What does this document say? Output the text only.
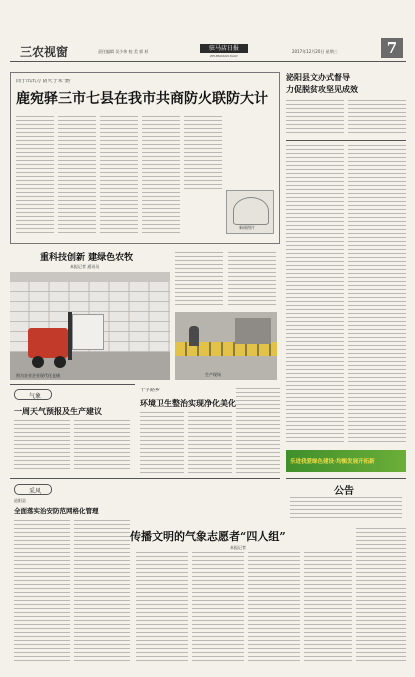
三农视窗	责任编辑 吴少伟 校 美 郭 杉	驻马店日报
ZHUMADIAN DAILY
2017年12月20日 星期三	7
筒子出出力 防火于未“燃”
鹿宛驿三市七县在我市共商防火联防大计
新闻图片
泌阳县文办式督导
力促脱贫攻坚见成效
重科技创新 建绿色农牧
本报记者 通讯员
图为农业企业现代化仓储	生产现场
乐进我爱绿色建设·均衡发展开拓新
公告
气象
一周天气预报及生产建议
十字路乡
环境卫生整治实现净化美化
采风
泌阳县
全面落实治安防范网格化管理
传播文明的气象志愿者“四人组”
本报记者
